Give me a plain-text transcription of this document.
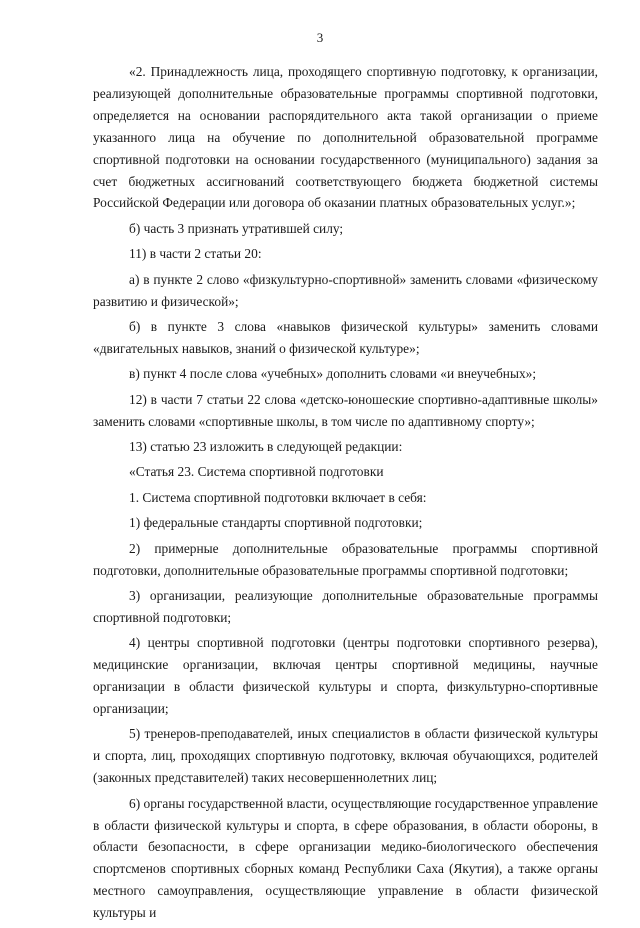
3

«2. Принадлежность лица, проходящего спортивную подготовку, к организации, реализующей дополнительные образовательные программы спортивной подготовки, определяется на основании распорядительного акта такой организации о приеме указанного лица на обучение по дополнительной образовательной программе спортивной подготовки на основании государственного (муниципального) задания за счет бюджетных ассигнований соответствующего бюджета бюджетной системы Российской Федерации или договора об оказании платных образовательных услуг.»;

б) часть 3 признать утратившей силу;

11) в части 2 статьи 20:

а) в пункте 2 слово «физкультурно-спортивной» заменить словами «физическому развитию и физической»;

б) в пункте 3 слова «навыков физической культуры» заменить словами «двигательных навыков, знаний о физической культуре»;

в) пункт 4 после слова «учебных» дополнить словами «и внеучебных»;

12) в части 7 статьи 22 слова «детско-юношеские спортивно-адаптивные школы» заменить словами «спортивные школы, в том числе по адаптивному спорту»;

13) статью 23 изложить в следующей редакции:

«Статья 23. Система спортивной подготовки

1. Система спортивной подготовки включает в себя:

1) федеральные стандарты спортивной подготовки;

2) примерные дополнительные образовательные программы спортивной подготовки, дополнительные образовательные программы спортивной подготовки;

3) организации, реализующие дополнительные образовательные программы спортивной подготовки;

4) центры спортивной подготовки (центры подготовки спортивного резерва), медицинские организации, включая центры спортивной медицины, научные организации в области физической культуры и спорта, физкультурно-спортивные организации;

5) тренеров-преподавателей, иных специалистов в области физической культуры и спорта, лиц, проходящих спортивную подготовку, включая обучающихся, родителей (законных представителей) таких несовершеннолетних лиц;

6) органы государственной власти, осуществляющие государственное управление в области физической культуры и спорта, в сфере образования, в области обороны, в области безопасности, в сфере организации медико-биологического обеспечения спортсменов спортивных сборных команд Республики Саха (Якутия), а также органы местного самоуправления, осуществляющие управление в области физической культуры и
